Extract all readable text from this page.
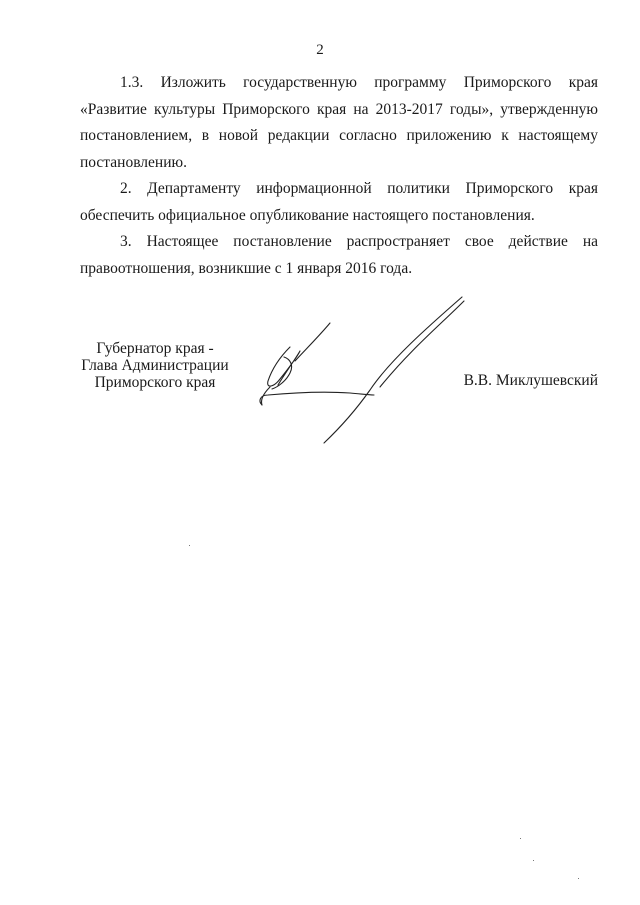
2

1.3. Изложить государственную программу Приморского края «Развитие культуры Приморского края на 2013-2017 годы», утвержденную постановлением, в новой редакции согласно приложению к настоящему постановлению.

2. Департаменту информационной политики Приморского края обеспечить официальное опубликование настоящего постановления.

3. Настоящее постановление распространяет свое действие на правоотношения, возникшие с 1 января 2016 года.

Губернатор края -
Глава Администрации
Приморского края	В.В. Миклушевский
